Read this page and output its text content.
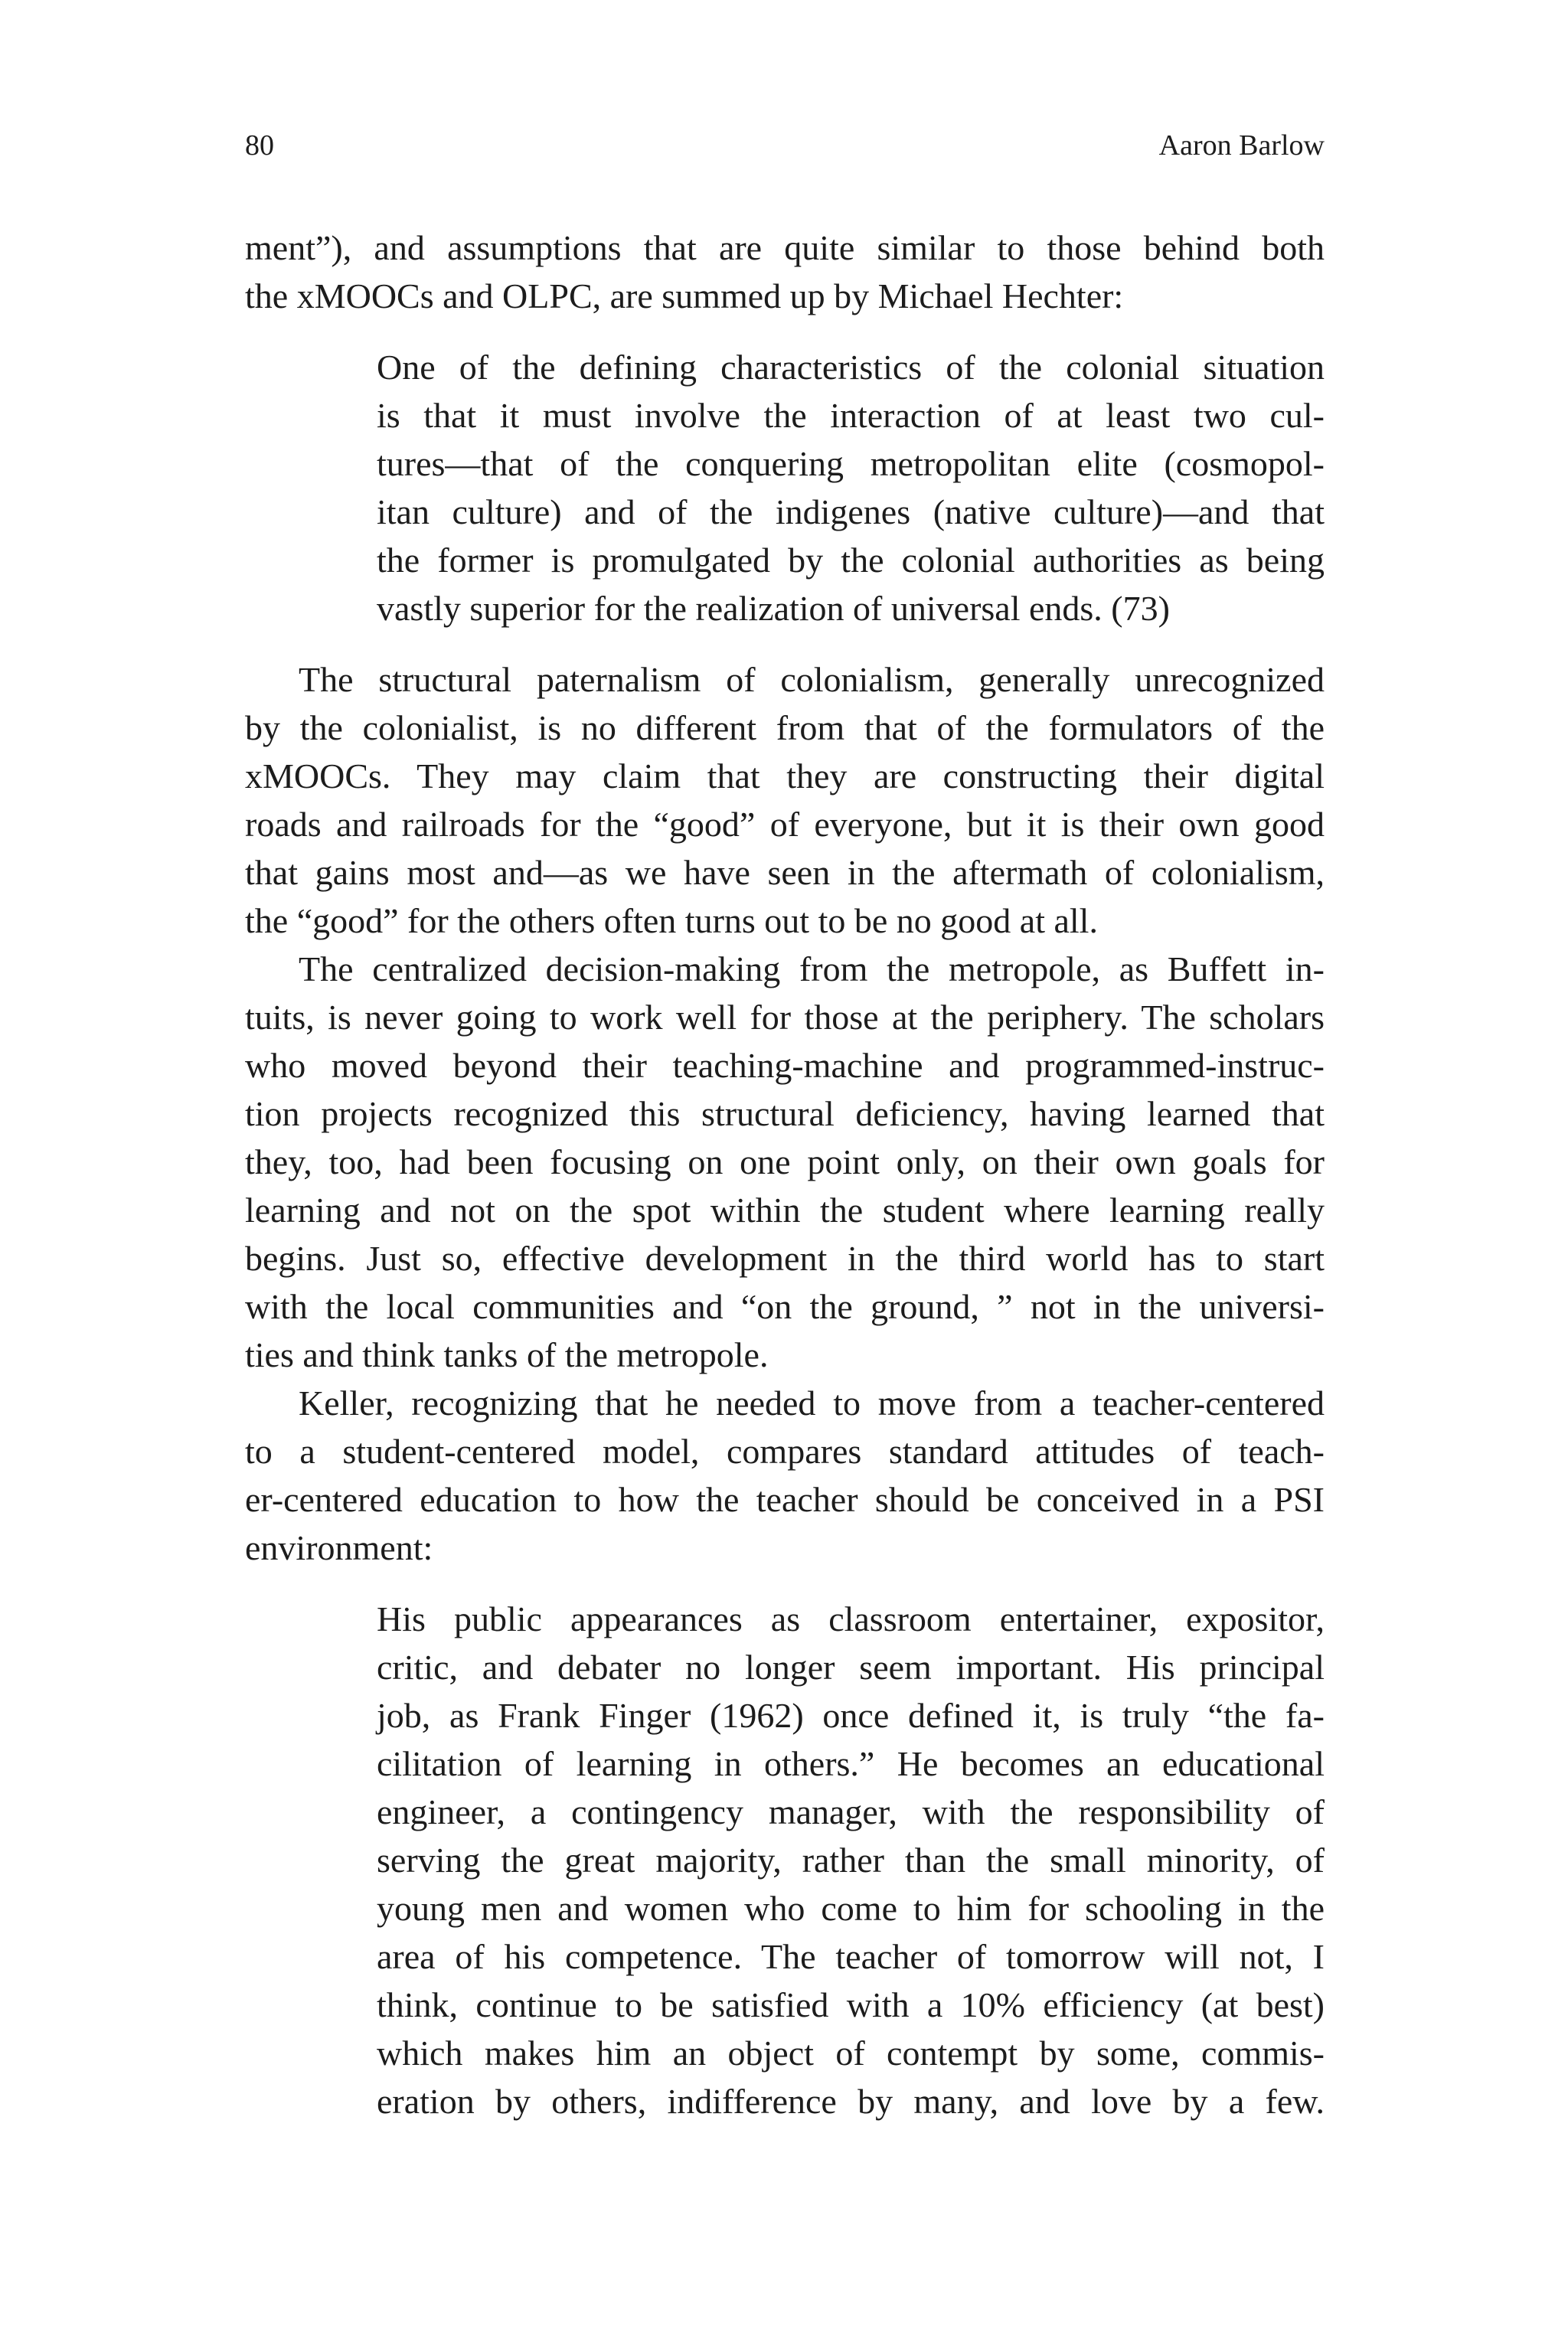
80	Aaron Barlow
ment”), and assumptions that are quite similar to those behind both
the xMOOCs and OLPC, are summed up by Michael Hechter:
One of the defining characteristics of the colonial situation
is that it must involve the interaction of at least two cul-
tures—that of the conquering metropolitan elite (cosmopol-
itan culture) and of the indigenes (native culture)—and that
the former is promulgated by the colonial authorities as being
vastly superior for the realization of universal ends. (73)
The structural paternalism of colonialism, generally unrecognized
by the colonialist, is no different from that of the formulators of the
xMOOCs. They may claim that they are constructing their digital
roads and railroads for the “good” of everyone, but it is their own good
that gains most and—as we have seen in the aftermath of colonialism,
the “good” for the others often turns out to be no good at all.
The centralized decision-making from the metropole, as Buffett in-
tuits, is never going to work well for those at the periphery. The scholars
who moved beyond their teaching-machine and programmed-instruc-
tion projects recognized this structural deficiency, having learned that
they, too, had been focusing on one point only, on their own goals for
learning and not on the spot within the student where learning really
begins. Just so, effective development in the third world has to start
with the local communities and “on the ground, ” not in the universi-
ties and think tanks of the metropole.
Keller, recognizing that he needed to move from a teacher-centered
to a student-centered model, compares standard attitudes of teach-
er-centered education to how the teacher should be conceived in a PSI
environment:
His public appearances as classroom entertainer, expositor,
critic, and debater no longer seem important. His principal
job, as Frank Finger (1962) once defined it, is truly “the fa-
cilitation of learning in others.” He becomes an educational
engineer, a contingency manager, with the responsibility of
serving the great majority, rather than the small minority, of
young men and women who come to him for schooling in the
area of his competence. The teacher of tomorrow will not, I
think, continue to be satisfied with a 10% efficiency (at best)
which makes him an object of contempt by some, commis-
eration by others, indifference by many, and love by a few.
